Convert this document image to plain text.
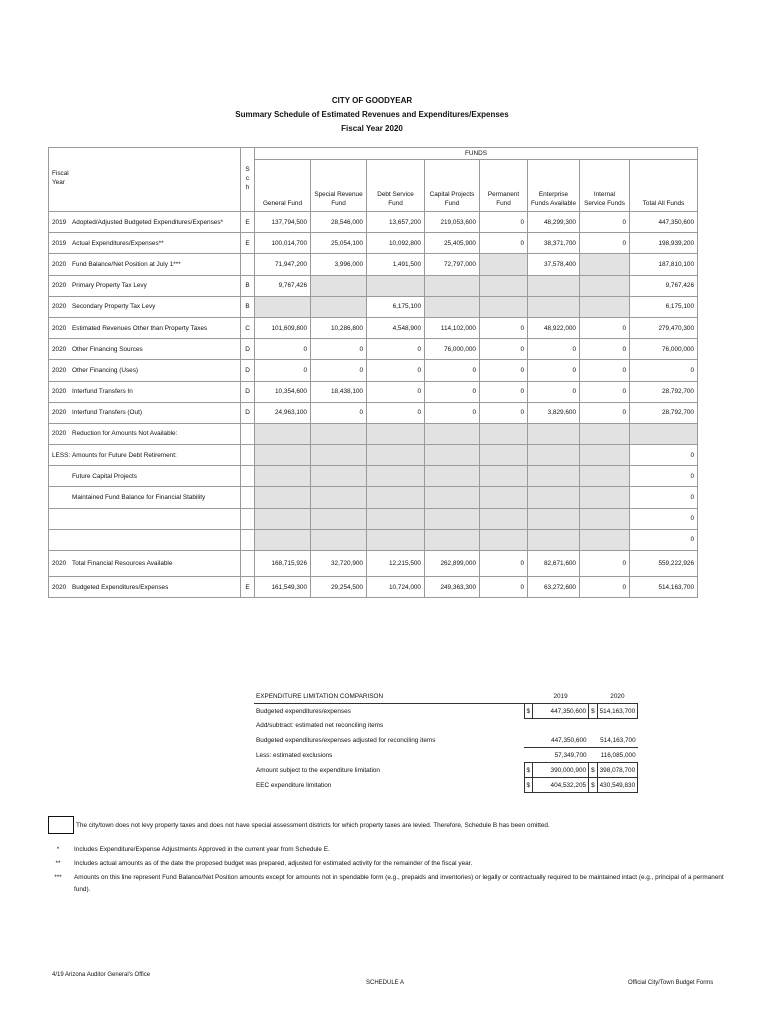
CITY OF GOODYEAR
Summary Schedule of Estimated Revenues and Expenditures/Expenses
Fiscal Year 2020
Fiscal
Year	S
c
h	FUNDS							
		General Fund	Special Revenue Fund	Debt Service Fund	Capital Projects Fund	Permanent Fund	Enterprise Funds Available	Internal Service Funds	Total All Funds
2019 Adopted/Adjusted Budgeted Expenditures/Expenses*	E	137,794,500	28,546,000	13,657,200	219,053,600	0	48,299,300	0	447,350,600
2019 Actual Expenditures/Expenses**	E	100,014,700	25,054,100	10,092,800	25,405,900	0	38,371,700	0	198,939,200
2020 Fund Balance/Net Position at July 1***		71,947,200	3,996,000	1,491,500	72,797,000		37,578,400		187,810,100
2020 Primary Property Tax Levy	B	9,767,426							9,767,426
2020 Secondary Property Tax Levy	B			6,175,100					6,175,100
2020 Estimated Revenues Other than Property Taxes	C	101,609,800	10,286,800	4,548,900	114,102,000	0	48,922,000	0	279,470,300
2020 Other Financing Sources	D	0	0	0	76,000,000	0	0	0	76,000,000
2020 Other Financing (Uses)	D	0	0	0	0	0	0	0	0
2020 Interfund Transfers In	D	10,354,600	18,438,100	0	0	0	0	0	28,792,700
2020 Interfund Transfers (Out)	D	24,963,100	0	0	0	0	3,829,600	0	28,792,700
2020 Reduction for Amounts Not Available:									
LESS: Amounts for Future Debt Retirement:									0
Future Capital Projects									0
Maintained Fund Balance for Financial Stability									0
									0
									0
2020 Total Financial Resources Available		168,715,926	32,720,900	12,215,500	262,899,000	0	82,671,600	0	559,222,926
2020 Budgeted Expenditures/Expenses	E	161,549,300	29,254,500	10,724,000	249,363,300	0	63,272,600	0	514,163,700
EXPENDITURE LIMITATION COMPARISON		2019		2020
Budgeted expenditures/expenses	$	447,350,600	$	514,163,700
Add/subtract: estimated net reconciling items				
Budgeted expenditures/expenses adjusted for reconciling items		447,350,600		514,163,700
Less: estimated exclusions		57,349,700		116,085,000
Amount subject to the expenditure limitation	$	390,000,900	$	398,078,700
EEC expenditure limitation	$	404,532,205	$	430,549,830
The city/town does not levy property taxes and does not have special assessment districts for which property taxes are levied. Therefore, Schedule B has been omitted.
*	Includes Expenditure/Expense Adjustments Approved in the current year from Schedule E.
**	Includes actual amounts as of the date the proposed budget was prepared, adjusted for estimated activity for the remainder of the fiscal year.
***	Amounts on this line represent Fund Balance/Net Position amounts except for amounts not in spendable form (e.g., prepaids and inventories) or legally or contractually required to be maintained intact (e.g., principal of a permanent fund).
4/19 Arizona Auditor General's Office
SCHEDULE A	Official City/Town Budget Forms
